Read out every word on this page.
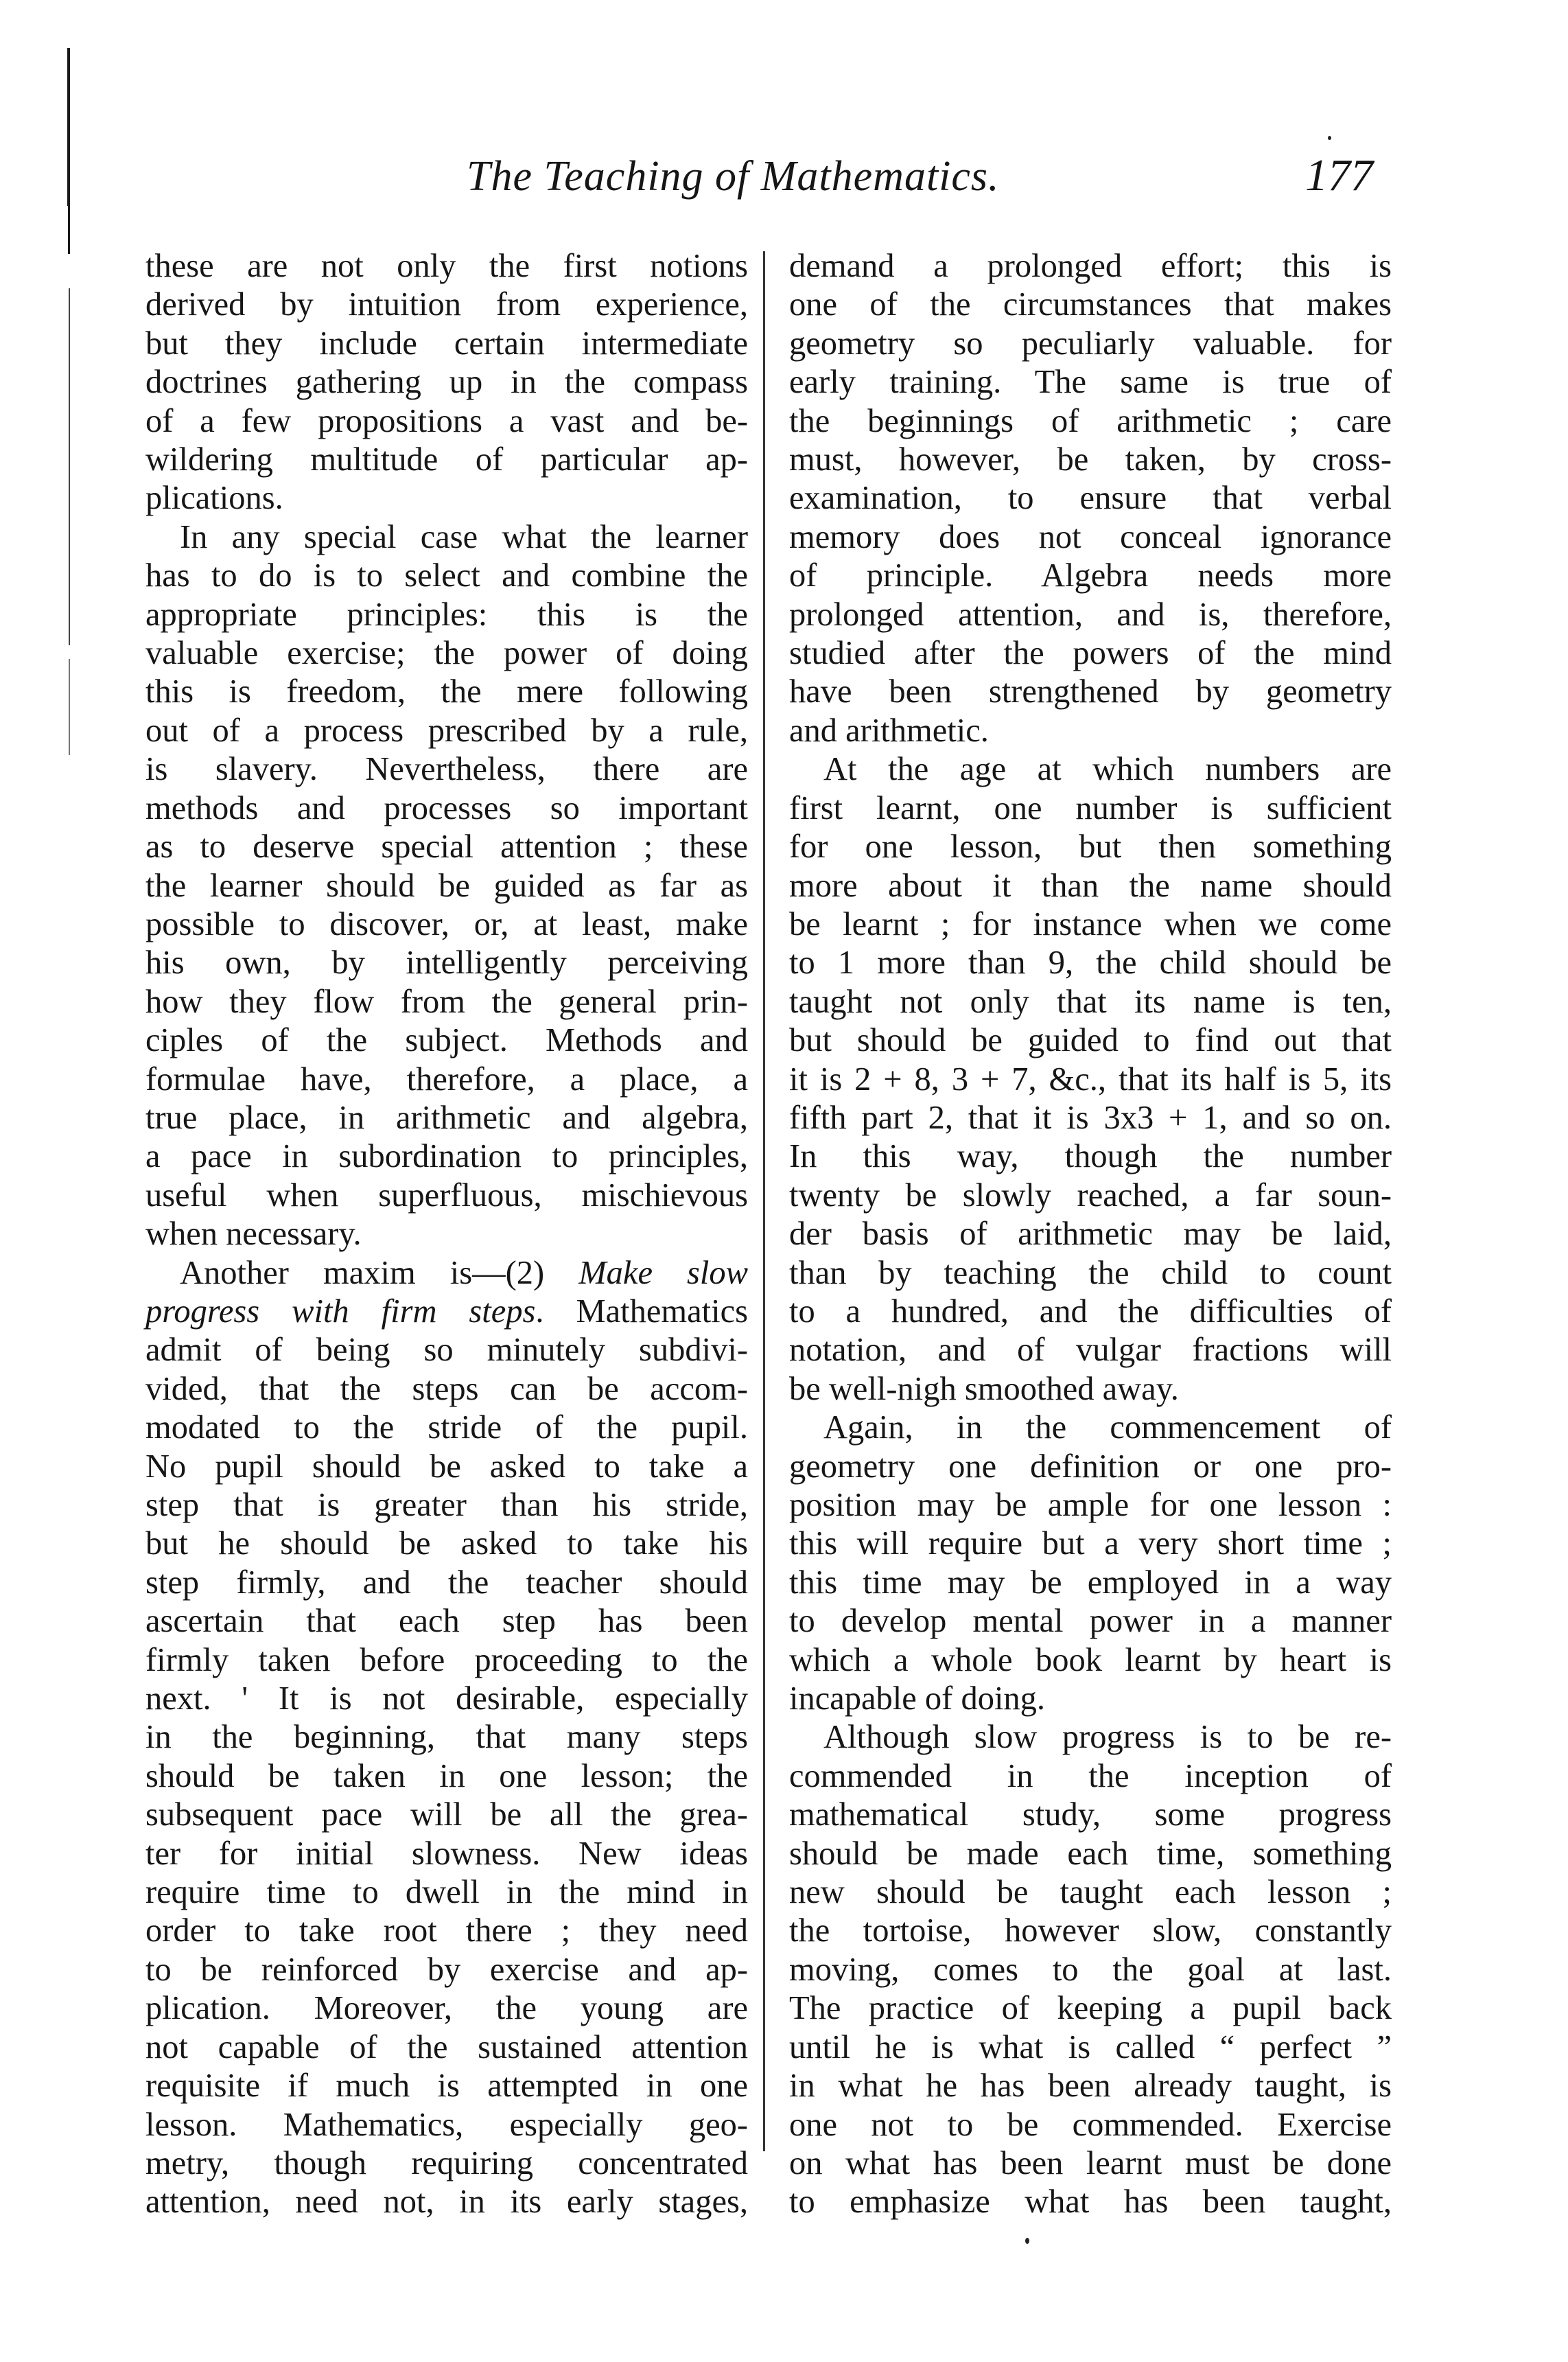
The Teaching of Mathematics.	177

these are not only the first notions

derived by intuition from experience,

but they include certain intermediate

doctrines gathering up in the compass

of a few propositions a vast and be-

wildering multitude of particular ap-

plications.

In any special case what the learner

has to do is to select and combine the

appropriate principles: this is the

valuable exercise; the power of doing

this is freedom, the mere following

out of a process prescribed by a rule,

is slavery. Nevertheless, there are

methods and processes so important

as to deserve special attention ; these

the learner should be guided as far as

possible to discover, or, at least, make

his own, by intelligently perceiving

how they flow from the general prin-

ciples of the subject. Methods and

formulae have, therefore, a place, a

true place, in arithmetic and algebra,

a pace in subordination to principles,

useful when superfluous, mischievous

when necessary.

Another maxim is—(2) Make slow

progress with firm steps. Mathematics

admit of being so minutely subdivi-

vided, that the steps can be accom-

modated to the stride of the pupil.

No pupil should be asked to take a

step that is greater than his stride,

but he should be asked to take his

step firmly, and the teacher should

ascertain that each step has been

firmly taken before proceeding to the

next. ' It is not desirable, especially

in the beginning, that many steps

should be taken in one lesson; the

subsequent pace will be all the grea-

ter for initial slowness. New ideas

require time to dwell in the mind in

order to take root there ; they need

to be reinforced by exercise and ap-

plication. Moreover, the young are

not capable of the sustained attention

requisite if much is attempted in one

lesson. Mathematics, especially geo-

metry, though requiring concentrated

attention, need not, in its early stages,

demand a prolonged effort; this is

one of the circumstances that makes

geometry so peculiarly valuable. for

early training. The same is true of

the beginnings of arithmetic ; care

must, however, be taken, by cross-

examination, to ensure that verbal

memory does not conceal ignorance

of principle. Algebra needs more

prolonged attention, and is, therefore,

studied after the powers of the mind

have been strengthened by geometry

and arithmetic.

At the age at which numbers are

first learnt, one number is sufficient

for one lesson, but then something

more about it than the name should

be learnt ; for instance when we come

to 1 more than 9, the child should be

taught not only that its name is ten,

but should be guided to find out that

it is 2 + 8, 3 + 7, &c., that its half is 5, its

fifth part 2, that it is 3x3 + 1, and so on.

In this way, though the number

twenty be slowly reached, a far soun-

der basis of arithmetic may be laid,

than by teaching the child to count

to a hundred, and the difficulties of

notation, and of vulgar fractions will

be well-nigh smoothed away.

Again, in the commencement of

geometry one definition or one pro-

position may be ample for one lesson :

this will require but a very short time ;

this time may be employed in a way

to develop mental power in a manner

which a whole book learnt by heart is

incapable of doing.

Although slow progress is to be re-

commended in the inception of

mathematical study, some progress

should be made each time, something

new should be taught each lesson ;

the tortoise, however slow, constantly

moving, comes to the goal at last.

The practice of keeping a pupil back

until he is what is called “ perfect ”

in what he has been already taught, is

one not to be commended. Exercise

on what has been learnt must be done

to emphasize what has been taught,
